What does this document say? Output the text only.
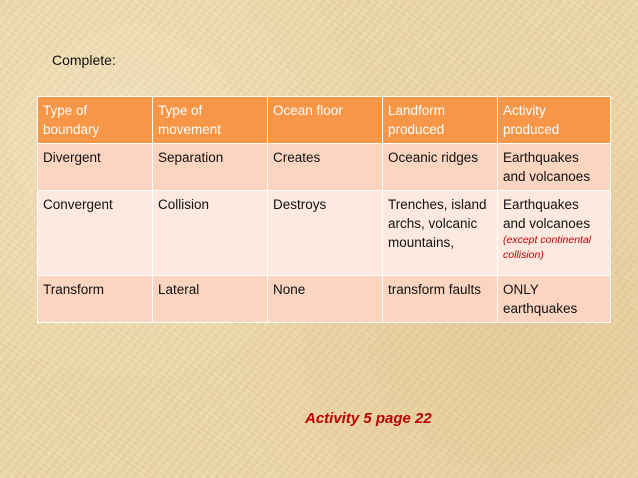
Complete:
Type of boundary	Type of movement	Ocean floor	Landform produced	Activity produced
Divergent	Separation	Creates	Oceanic ridges	Earthquakes and volcanoes
Convergent	Collision	Destroys	Trenches, island archs, volcanic mountains,	Earthquakes and volcanoes
(except continental collision)

Transform	Lateral	None	transform faults	ONLY earthquakes
Activity 5 page 22
